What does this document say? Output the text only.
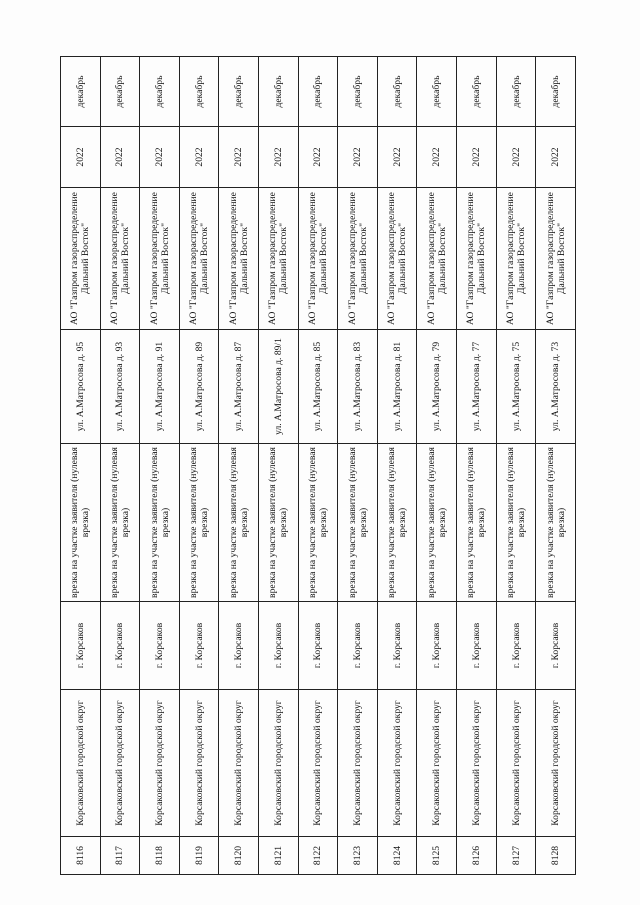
8116	Корсаковский городской округ	г. Корсаков	врезка на участке заявителя (нулевая врезка)	ул. А.Матросова д. 95	АО "Газпром газораспределение Дальний Восток"	2022	декабрь
8117	Корсаковский городской округ	г. Корсаков	врезка на участке заявителя (нулевая врезка)	ул. А.Матросова д. 93	АО "Газпром газораспределение Дальний Восток"	2022	декабрь
8118	Корсаковский городской округ	г. Корсаков	врезка на участке заявителя (нулевая врезка)	ул. А.Матросова д. 91	АО "Газпром газораспределение Дальний Восток"	2022	декабрь
8119	Корсаковский городской округ	г. Корсаков	врезка на участке заявителя (нулевая врезка)	ул. А.Матросова д. 89	АО "Газпром газораспределение Дальний Восток"	2022	декабрь
8120	Корсаковский городской округ	г. Корсаков	врезка на участке заявителя (нулевая врезка)	ул. А.Матросова д. 87	АО "Газпром газораспределение Дальний Восток"	2022	декабрь
8121	Корсаковский городской округ	г. Корсаков	врезка на участке заявителя (нулевая врезка)	ул. А.Матросова д. 89/1	АО "Газпром газораспределение Дальний Восток"	2022	декабрь
8122	Корсаковский городской округ	г. Корсаков	врезка на участке заявителя (нулевая врезка)	ул. А.Матросова д. 85	АО "Газпром газораспределение Дальний Восток"	2022	декабрь
8123	Корсаковский городской округ	г. Корсаков	врезка на участке заявителя (нулевая врезка)	ул. А.Матросова д. 83	АО "Газпром газораспределение Дальний Восток"	2022	декабрь
8124	Корсаковский городской округ	г. Корсаков	врезка на участке заявителя (нулевая врезка)	ул. А.Матросова д. 81	АО "Газпром газораспределение Дальний Восток"	2022	декабрь
8125	Корсаковский городской округ	г. Корсаков	врезка на участке заявителя (нулевая врезка)	ул. А.Матросова д. 79	АО "Газпром газораспределение Дальний Восток"	2022	декабрь
8126	Корсаковский городской округ	г. Корсаков	врезка на участке заявителя (нулевая врезка)	ул. А.Матросова д. 77	АО "Газпром газораспределение Дальний Восток"	2022	декабрь
8127	Корсаковский городской округ	г. Корсаков	врезка на участке заявителя (нулевая врезка)	ул. А.Матросова д. 75	АО "Газпром газораспределение Дальний Восток"	2022	декабрь
8128	Корсаковский городской округ	г. Корсаков	врезка на участке заявителя (нулевая врезка)	ул. А.Матросова д. 73	АО "Газпром газораспределение Дальний Восток"	2022	декабрь
